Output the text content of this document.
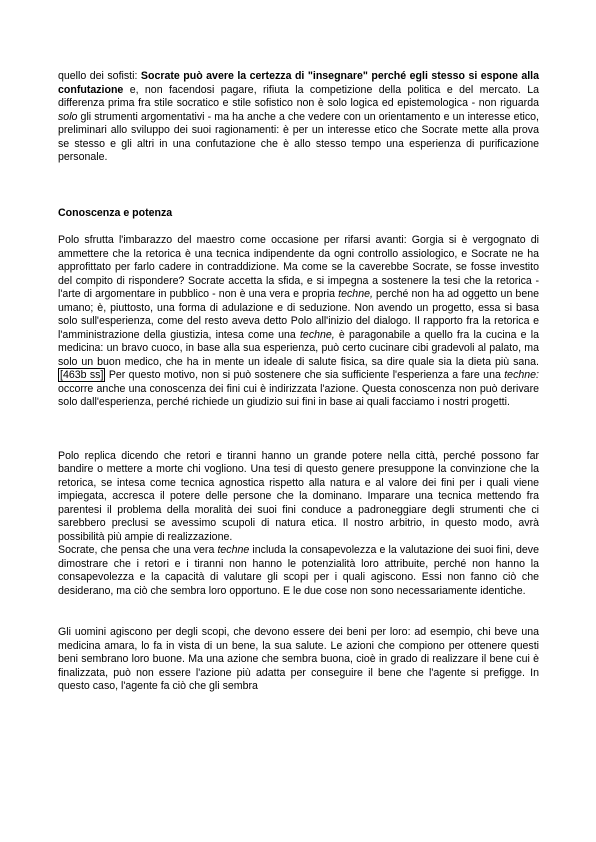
quello dei sofisti: Socrate può avere la certezza di "insegnare" perché egli stesso si espone alla confutazione e, non facendosi pagare, rifiuta la competizione della politica e del mercato. La differenza prima fra stile socratico e stile sofistico non è solo logica ed epistemologica - non riguarda solo gli strumenti argomentativi - ma ha anche a che vedere con un orientamento e un interesse etico, preliminari allo sviluppo dei suoi ragionamenti: è per un interesse etico che Socrate mette alla prova se stesso e gli altri in una confutazione che è allo stesso tempo una esperienza di purificazione personale.

Conoscenza e potenza

Polo sfrutta l'imbarazzo del maestro come occasione per rifarsi avanti: Gorgia si è vergognato di ammettere che la retorica è una tecnica indipendente da ogni controllo assiologico, e Socrate ne ha approfittato per farlo cadere in contraddizione. Ma come se la caverebbe Socrate, se fosse investito del compito di rispondere? Socrate accetta la sfida, e si impegna a sostenere la tesi che la retorica - l'arte di argomentare in pubblico - non è una vera e propria techne, perché non ha ad oggetto un bene umano; è, piuttosto, una forma di adulazione e di seduzione. Non avendo un progetto, essa si basa solo sull'esperienza, come del resto aveva detto Polo all'inizio del dialogo. Il rapporto fra la retorica e l'amministrazione della giustizia, intesa come una techne, è paragonabile a quello fra la cucina e la medicina: un bravo cuoco, in base alla sua esperienza, può certo cucinare cibi gradevoli al palato, ma solo un buon medico, che ha in mente un ideale di salute fisica, sa dire quale sia la dieta più sana. [463b ss] Per questo motivo, non si può sostenere che sia sufficiente l'esperienza a fare una techne: occorre anche una conoscenza dei fini cui è indirizzata l'azione. Questa conoscenza non può derivare solo dall'esperienza, perché richiede un giudizio sui fini in base ai quali facciamo i nostri progetti.

Polo replica dicendo che retori e tiranni hanno un grande potere nella città, perché possono far bandire o mettere a morte chi vogliono. Una tesi di questo genere presuppone la convinzione che la retorica, se intesa come tecnica agnostica rispetto alla natura e al valore dei fini per i quali viene impiegata, accresca il potere delle persone che la dominano. Imparare una tecnica mettendo fra parentesi il problema della moralità dei suoi fini conduce a padroneggiare degli strumenti che ci sarebbero preclusi se avessimo scupoli di natura etica. Il nostro arbitrio, in questo modo, avrà possibilità più ampie di realizzazione.

Socrate, che pensa che una vera techne includa la consapevolezza e la valutazione dei suoi fini, deve dimostrare che i retori e i tiranni non hanno le potenzialità loro attribuite, perché non hanno la consapevolezza e la capacità di valutare gli scopi per i quali agiscono. Essi non fanno ciò che desiderano, ma ciò che sembra loro opportuno. E le due cose non sono necessariamente identiche.

Gli uomini agiscono per degli scopi, che devono essere dei beni per loro: ad esempio, chi beve una medicina amara, lo fa in vista di un bene, la sua salute. Le azioni che compiono per ottenere questi beni sembrano loro buone. Ma una azione che sembra buona, cioè in grado di realizzare il bene cui è finalizzata, può non essere l'azione più adatta per conseguire il bene che l'agente si prefigge. In questo caso, l'agente fa ciò che gli sembra
